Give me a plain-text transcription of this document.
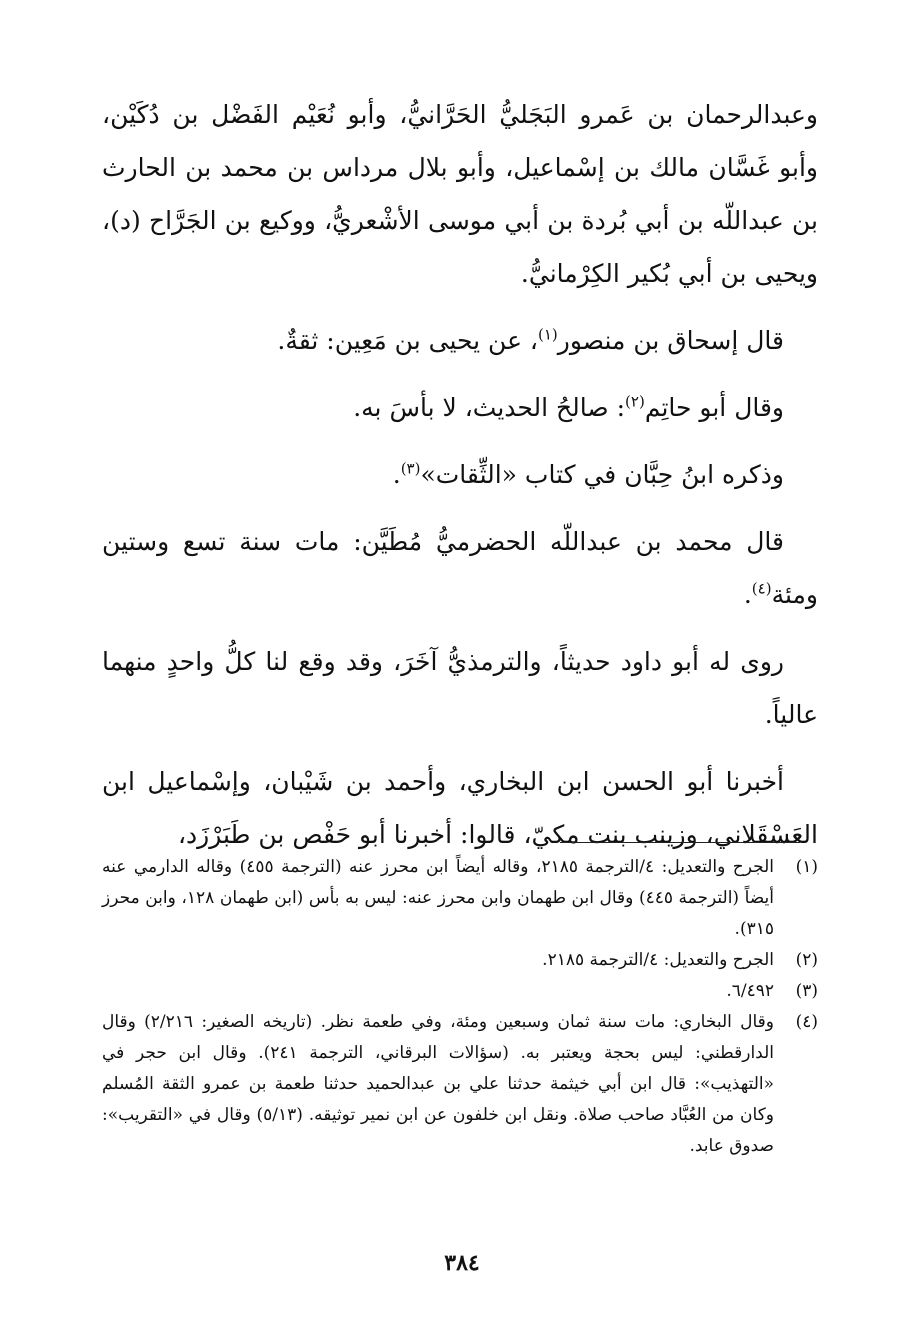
وعبدالرحمان بن عَمرو البَجَليُّ الحَرَّانيُّ، وأبو نُعَيْم الفَضْل بن دُكَيْن، وأبو غَسَّان مالك بن إسْماعيل، وأبو بلال مرداس بن محمد بن الحارث بن عبداللّه بن أبي بُردة بن أبي موسى الأشْعريُّ، ووكيع بن الجَرَّاح (د)، ويحيى بن أبي بُكير الكِرْمانيُّ.

قال إسحاق بن منصور$^{(١)}$، عن يحيى بن مَعِين: ثقةٌ.

وقال أبو حاتِم$^{(٢)}$: صالحُ الحديث، لا بأسَ به.

وذكره ابنُ حِبَّان في كتاب «الثِّقات»$^{(٣)}$.

قال محمد بن عبداللّه الحضرميُّ مُطَيَّن: مات سنة تسع وستين ومئة$^{(٤)}$.

روى له أبو داود حديثاً، والترمذيُّ آخَرَ، وقد وقع لنا كلُّ واحدٍ منهما عالياً.

أخبرنا أبو الحسن ابن البخاري، وأحمد بن شَيْبان، وإسْماعيل ابن العَسْقَلاني، وزينب بنت مكيّ، قالوا: أخبرنا أبو حَفْص بن طَبَرْزَد،

(١)
الجرح والتعديل: ٤/الترجمة ٢١٨٥، وقاله أيضاً ابن محرز عنه (الترجمة ٤٥٥) وقاله الدارمي عنه أيضاً (الترجمة ٤٤٥) وقال ابن طهمان وابن محرز عنه: ليس به بأس (ابن طهمان ١٢٨، وابن محرز ٣١٥).
(٢)
الجرح والتعديل: ٤/الترجمة ٢١٨٥.
(٣)
٦/٤٩٢.
(٤)
وقال البخاري: مات سنة ثمان وسبعين ومئة، وفي طعمة نظر. (تاريخه الصغير: ٢/٢١٦) وقال الدارقطني: ليس بحجة ويعتبر به. (سؤالات البرقاني، الترجمة ٢٤١). وقال ابن حجر في «التهذيب»: قال ابن أبي خيثمة حدثنا علي بن عبدالحميد حدثنا طعمة بن عمرو الثقة المُسلم وكان من العُبَّاد صاحب صلاة. ونقل ابن خلفون عن ابن نمير توثيقه. (٥/١٣) وقال في «التقريب»: صدوق عابد.
٣٨٤
